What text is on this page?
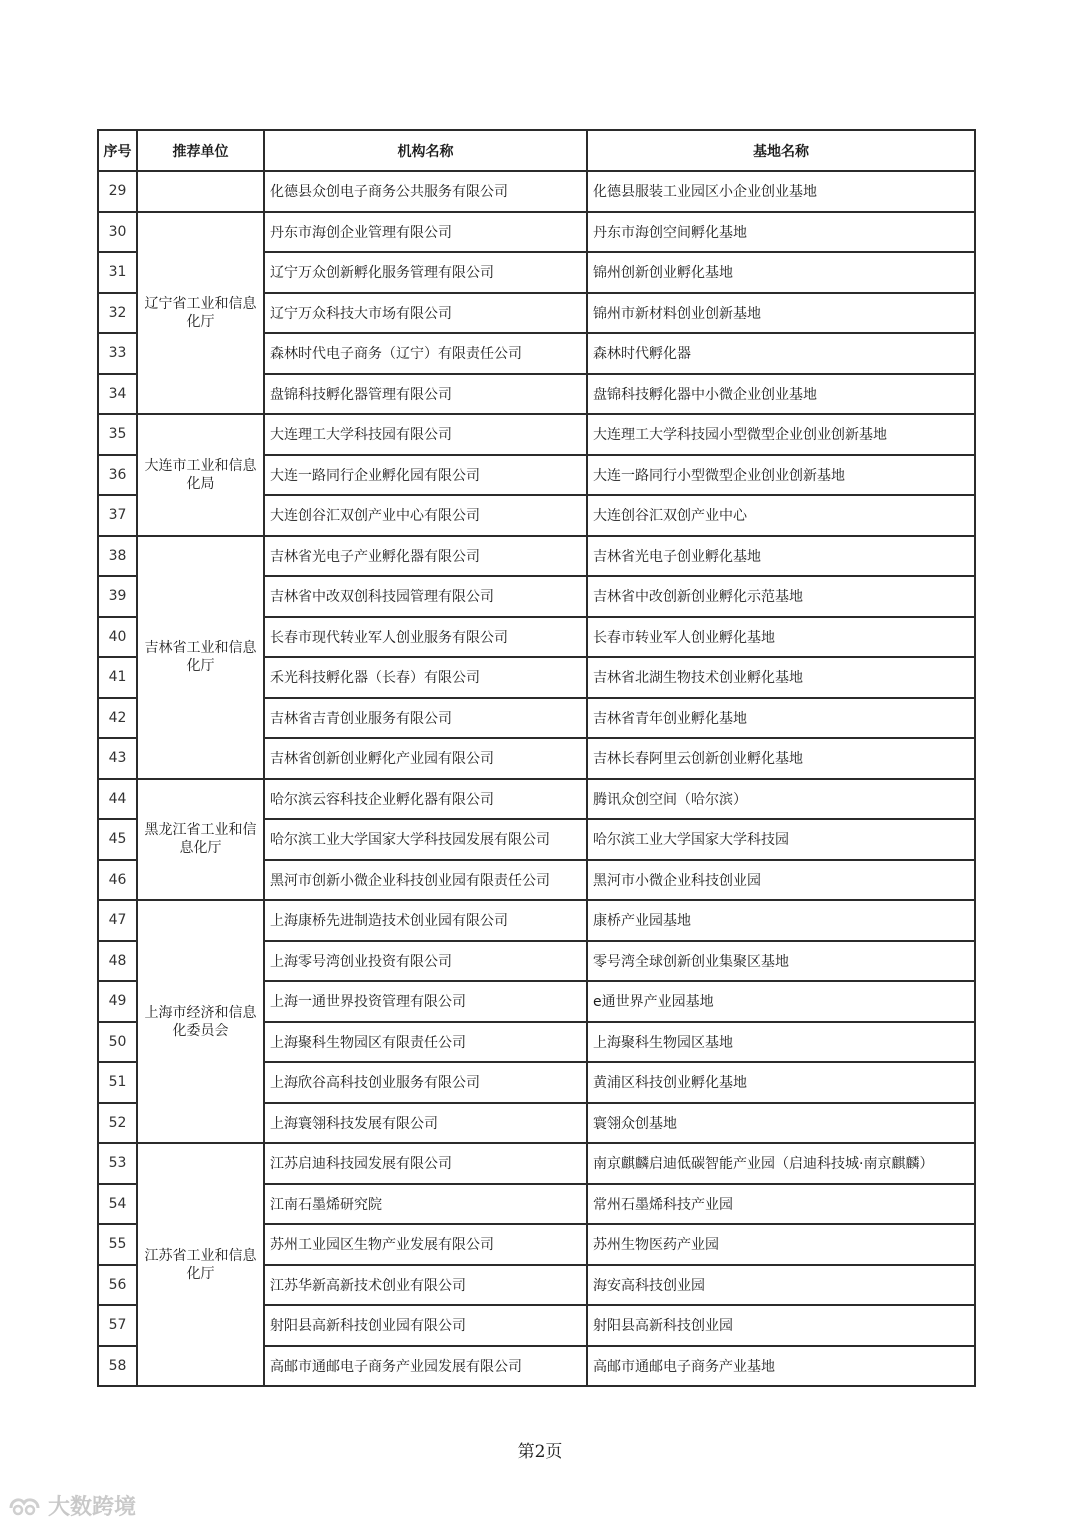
序号	推荐单位	机构名称	基地名称
29		化德县众创电子商务公共服务有限公司	化德县服装工业园区小企业创业基地
30	辽宁省工业和信息化厅	丹东市海创企业管理有限公司	丹东市海创空间孵化基地
31		辽宁万众创新孵化服务管理有限公司	锦州创新创业孵化基地
32		辽宁万众科技大市场有限公司	锦州市新材料创业创新基地
33		森林时代电子商务（辽宁）有限责任公司	森林时代孵化器
34		盘锦科技孵化器管理有限公司	盘锦科技孵化器中小微企业创业基地
35	大连市工业和信息化局	大连理工大学科技园有限公司	大连理工大学科技园小型微型企业创业创新基地
36		大连一路同行企业孵化园有限公司	大连一路同行小型微型企业创业创新基地
37		大连创谷汇双创产业中心有限公司	大连创谷汇双创产业中心
38	吉林省工业和信息化厅	吉林省光电子产业孵化器有限公司	吉林省光电子创业孵化基地
39		吉林省中改双创科技园管理有限公司	吉林省中改创新创业孵化示范基地
40		长春市现代转业军人创业服务有限公司	长春市转业军人创业孵化基地
41		禾光科技孵化器（长春）有限公司	吉林省北湖生物技术创业孵化基地
42		吉林省吉青创业服务有限公司	吉林省青年创业孵化基地
43		吉林省创新创业孵化产业园有限公司	吉林长春阿里云创新创业孵化基地
44	黑龙江省工业和信息化厅	哈尔滨云容科技企业孵化器有限公司	腾讯众创空间（哈尔滨）
45		哈尔滨工业大学国家大学科技园发展有限公司	哈尔滨工业大学国家大学科技园
46		黑河市创新小微企业科技创业园有限责任公司	黑河市小微企业科技创业园
47	上海市经济和信息化委员会	上海康桥先进制造技术创业园有限公司	康桥产业园基地
48		上海零号湾创业投资有限公司	零号湾全球创新创业集聚区基地
49		上海一通世界投资管理有限公司	e通世界产业园基地
50		上海聚科生物园区有限责任公司	上海聚科生物园区基地
51		上海欣谷高科技创业服务有限公司	黄浦区科技创业孵化基地
52		上海寰翎科技发展有限公司	寰翎众创基地
53	江苏省工业和信息化厅	江苏启迪科技园发展有限公司	南京麒麟启迪低碳智能产业园（启迪科技城·南京麒麟）
54		江南石墨烯研究院	常州石墨烯科技产业园
55		苏州工业园区生物产业发展有限公司	苏州生物医药产业园
56		江苏华新高新技术创业有限公司	海安高科技创业园
57		射阳县高新科技创业园有限公司	射阳县高新科技创业园
58		高邮市通邮电子商务产业园发展有限公司	高邮市通邮电子商务产业基地
第2页
大数跨境
